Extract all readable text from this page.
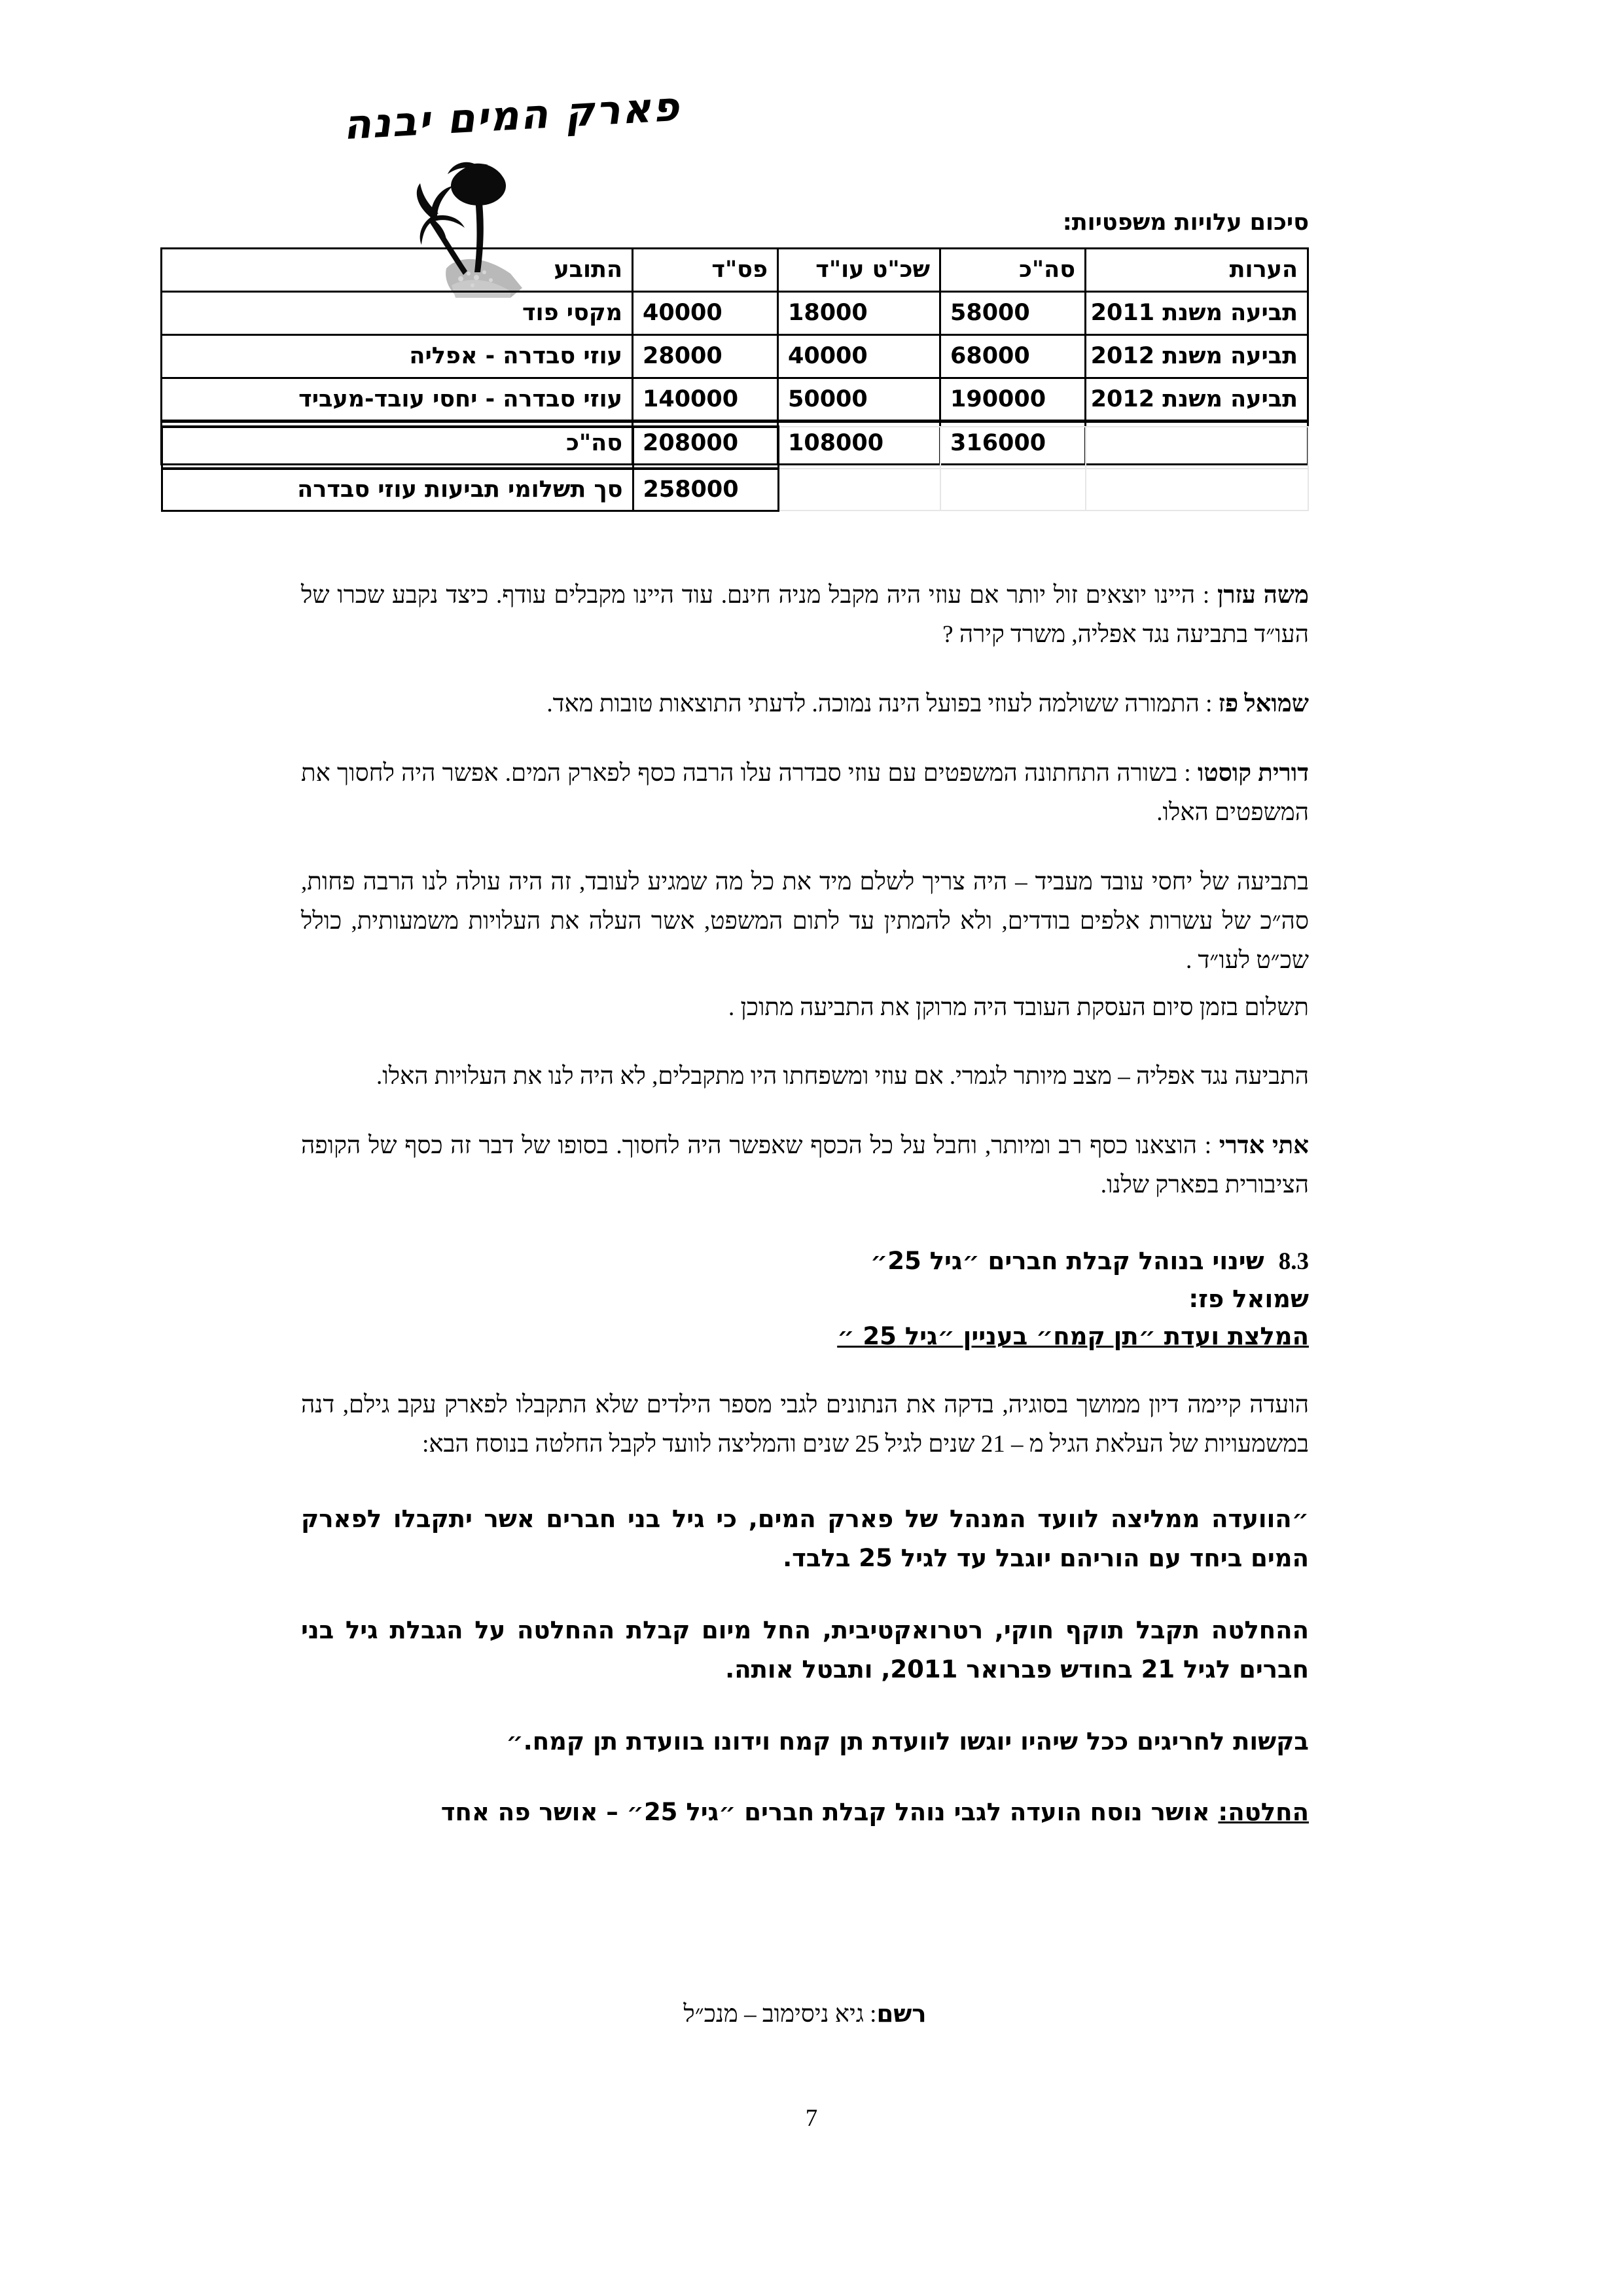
פארק המים יבנה
סיכום עלויות משפטיות:
הערות	סה"כ	שכ"ט עו"ד	פס"ד	התובע
תביעה משנת 2011	58000	18000	40000	מקסי פוד
תביעה משנת 2012	68000	40000	28000	עוזי סבדרה - אפליה
תביעה משנת 2012	190000	50000	140000	עוזי סבדרה - יחסי עובד-מעביד
	316000	108000	208000	סה"כ

			258000	סך תשלומי תביעות עוזי סבדרה

משה עזרן : היינו יוצאים זול יותר אם עוזי היה מקבל מניה חינם. עוד היינו מקבלים עודף. כיצד נקבע שכרו של העו״ד בתביעה נגד אפליה, משרד קירה ?

שמואל פז : התמורה ששולמה לעוזי בפועל הינה נמוכה. לדעתי התוצאות טובות מאד.

דורית קוסטו : בשורה התחתונה המשפטים עם עוזי סבדרה עלו הרבה כסף לפארק המים. אפשר היה לחסוך את המשפטים האלו.

בתביעה של יחסי עובד מעביד – היה צריך לשלם מיד את כל מה שמגיע לעובד, זה היה עולה לנו הרבה פחות, סה״כ של עשרות אלפים בודדים, ולא להמתין עד לתום המשפט, אשר העלה את העלויות משמעותית, כולל שכ״ט לעו״ד .

תשלום בזמן סיום העסקת העובד היה מרוקן את התביעה מתוכן .

התביעה נגד אפליה – מצב מיותר לגמרי. אם עוזי ומשפחתו היו מתקבלים, לא היה לנו את העלויות האלו.

אתי אדרי : הוצאנו כסף רב ומיותר, וחבל על כל הכסף שאפשר היה לחסוך. בסופו של דבר זה כסף של הקופה הציבורית בפארק שלנו.

8.3
שינוי בנוהל קבלת חברים ״גיל 25״
שמואל פז:
המלצת ועדת ״תן קמח״ בעניין ״גיל 25 ״

הועדה קיימה דיון ממושך בסוגיה, בדקה את הנתונים לגבי מספר הילדים שלא התקבלו לפארק עקב גילם, דנה במשמעויות של העלאת הגיל מ – 21 שנים לגיל 25 שנים והמליצה לוועד לקבל החלטה בנוסח הבא:

״הוועדה ממליצה לוועד המנהל של פארק המים, כי גיל בני חברים אשר יתקבלו לפארק המים ביחד עם הוריהם יוגבל עד לגיל 25 בלבד.

ההחלטה תקבל תוקף חוקי, רטרואקטיבית, החל מיום קבלת ההחלטה על הגבלת גיל בני חברים לגיל 21 בחודש פברואר 2011, ותבטל אותה.

בקשות לחריגים ככל שיהיו יוגשו לוועדת תן קמח וידונו בוועדת תן קמח.״

החלטה: אושר נוסח הועדה לגבי נוהל קבלת חברים ״גיל 25״ – אושר פה אחד
רשם: גיא ניסימוב – מנכ״ל
7
